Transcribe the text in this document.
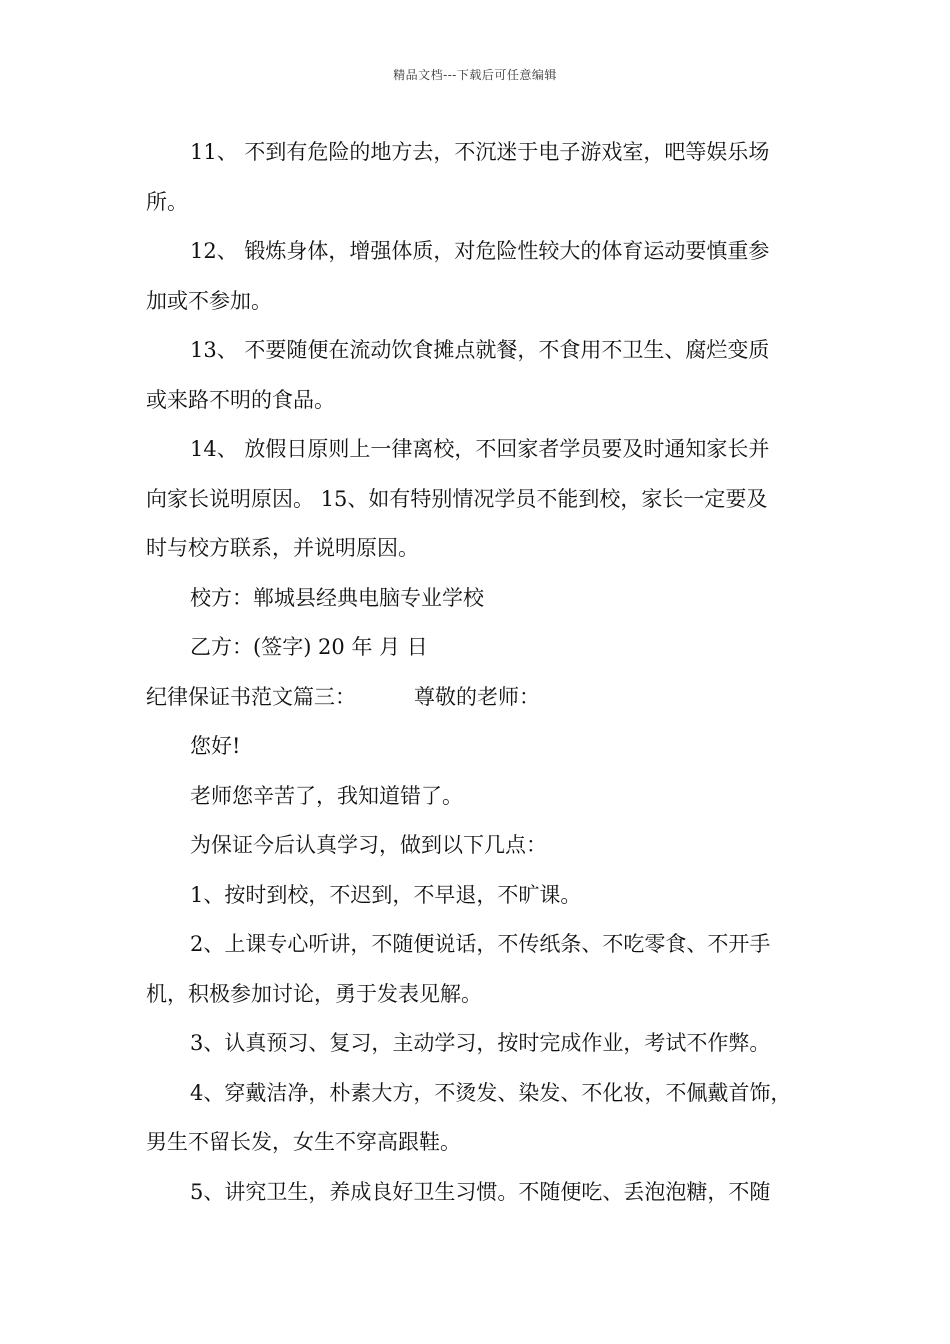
精品文档---下载后可任意编辑

11、 不到有危险的地方去，不沉迷于电子游戏室，吧等娱乐场

所。

12、 锻炼身体，增强体质，对危险性较大的体育运动要慎重参

加或不参加。

13、 不要随便在流动饮食摊点就餐，不食用不卫生、腐烂变质

或来路不明的食品。

14、 放假日原则上一律离校，不回家者学员要及时通知家长并

向家长说明原因。 15、如有特别情况学员不能到校，家长一定要及

时与校方联系，并说明原因。

校方：郸城县经典电脑专业学校

乙方：(签字) 20 年 月 日

纪律保证书范文篇三：	尊敬的老师：

您好!

老师您辛苦了，我知道错了。

为保证今后认真学习，做到以下几点：

1、按时到校，不迟到，不早退，不旷课。

2、上课专心听讲，不随便说话，不传纸条、不吃零食、不开手

机，积极参加讨论，勇于发表见解。

3、认真预习、复习，主动学习，按时完成作业，考试不作弊。

4、穿戴洁净，朴素大方，不烫发、染发、不化妆，不佩戴首饰，

男生不留长发，女生不穿高跟鞋。

5、讲究卫生，养成良好卫生习惯。不随便吃、丢泡泡糖，不随
